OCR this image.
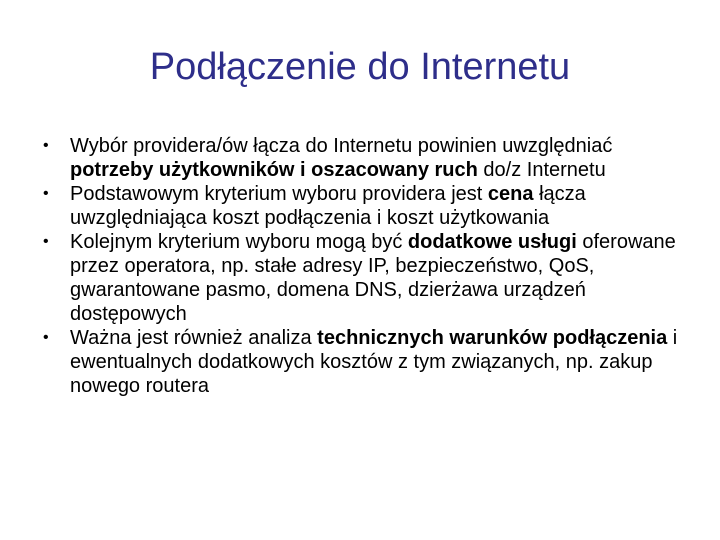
Podłączenie do Internetu
• Wybór providera/ów łącza do Internetu powinien uwzględniać potrzeby użytkowników i oszacowany ruch do/z Internetu
• Podstawowym kryterium wyboru providera jest cena łącza uwzględniająca koszt podłączenia i koszt użytkowania
• Kolejnym kryterium wyboru mogą być dodatkowe usługi oferowane przez operatora, np. stałe adresy IP, bezpieczeństwo, QoS, gwarantowane pasmo, domena DNS, dzierżawa urządzeń dostępowych
• Ważna jest również analiza technicznych warunków podłączenia i ewentualnych dodatkowych kosztów z tym związanych, np. zakup nowego routera
